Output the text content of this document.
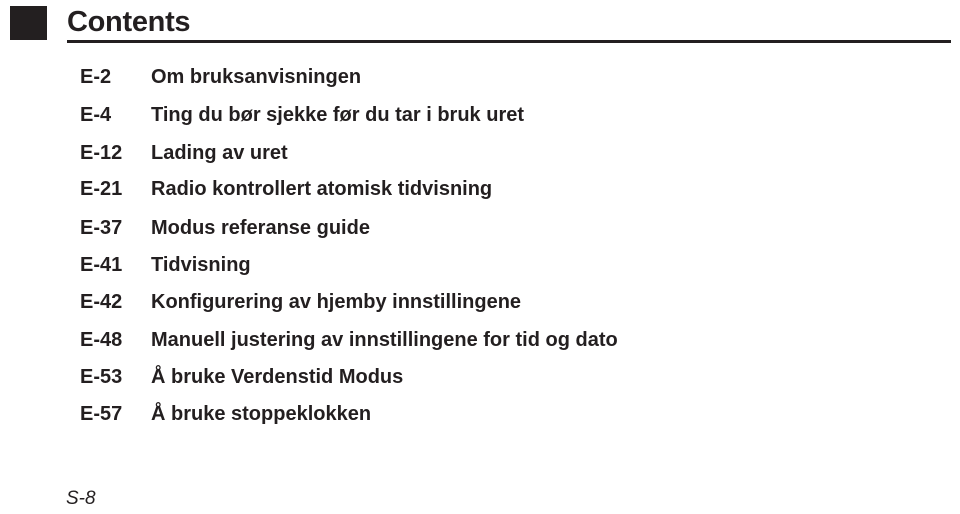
Contents
E-2 Om bruksanvisningen
E-4 Ting du bør sjekke før du tar i bruk uret
E-12 Lading av uret
E-21 Radio kontrollert atomisk tidvisning
E-37 Modus referanse guide
E-41 Tidvisning
E-42 Konfigurering av hjemby innstillingene
E-48 Manuell justering av innstillingene for tid og dato
E-53 Å bruke Verdenstid Modus
E-57 Å bruke stoppeklokken
S-8
